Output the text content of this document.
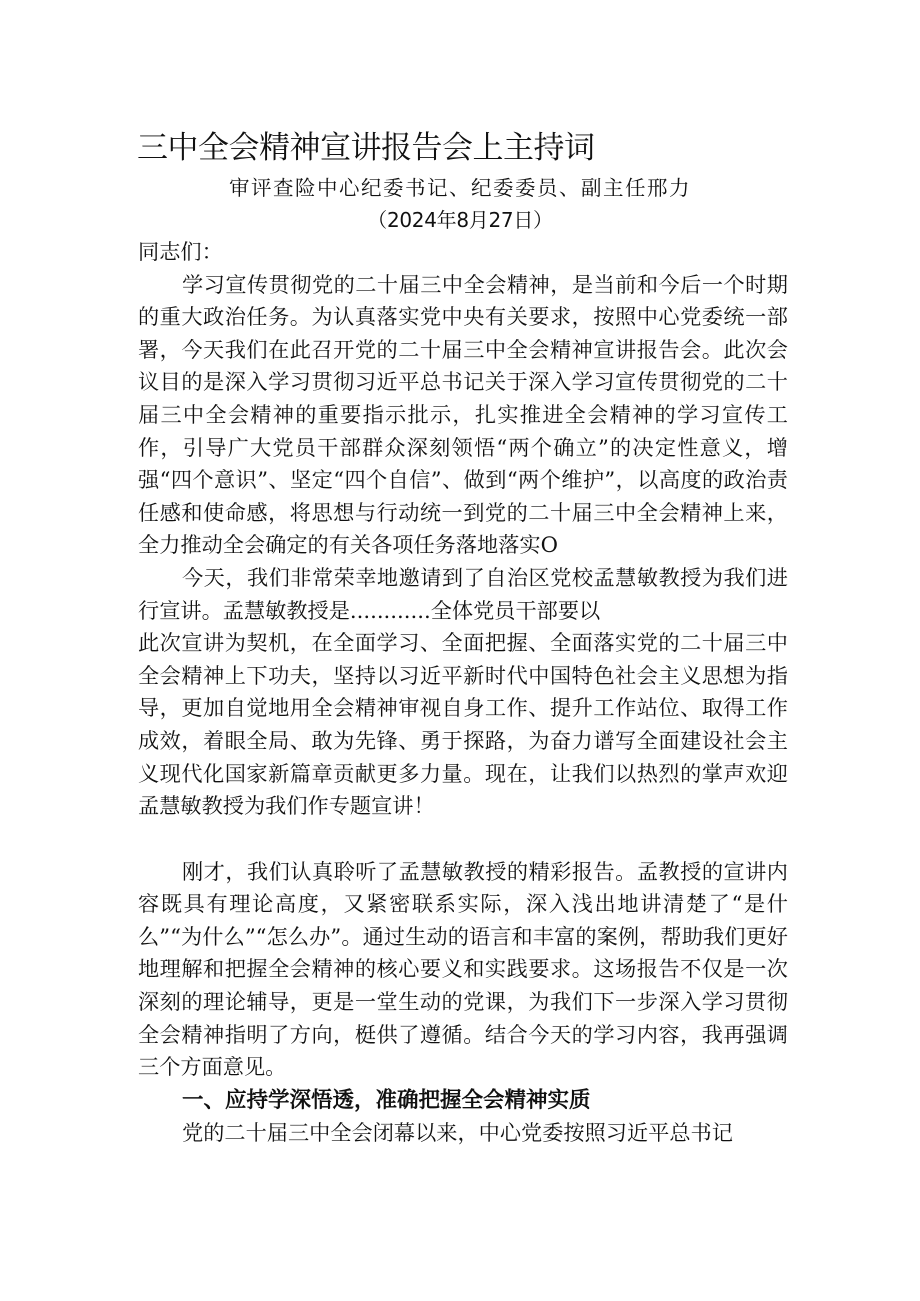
三中全会精神宣讲报告会上主持词
审评查险中心纪委书记、纪委委员、副主任邢力
（2024年8月27日）

同志们：

学习宣传贯彻党的二十届三中全会精神，是当前和今后一个时期的重大政治任务。为认真落实党中央有关要求，按照中心党委统一部署，今天我们在此召开党的二十届三中全会精神宣讲报告会。此次会议目的是深入学习贯彻习近平总书记关于深入学习宣传贯彻党的二十届三中全会精神的重要指示批示，扎实推进全会精神的学习宣传工作，引导广大党员干部群众深刻领悟“两个确立”的决定性意义，增强“四个意识”、坚定“四个自信”、做到“两个维护”，以高度的政治责任感和使命感，将思想与行动统一到党的二十届三中全会精神上来，全力推动全会确定的有关各项任务落地落实O

今天，我们非常荣幸地邀请到了自治区党校孟慧敏教授为我们进行宣讲。孟慧敏教授是............全体党员干部要以

此次宣讲为契机，在全面学习、全面把握、全面落实党的二十届三中全会精神上下功夫，坚持以习近平新时代中国特色社会主义思想为指导，更加自觉地用全会精神审视自身工作、提升工作站位、取得工作成效，着眼全局、敢为先锋、勇于探路，为奋力谱写全面建设社会主义现代化国家新篇章贡献更多力量。现在，让我们以热烈的掌声欢迎孟慧敏教授为我们作专题宣讲！

刚才，我们认真聆听了孟慧敏教授的精彩报告。孟教授的宣讲内容既具有理论高度，又紧密联系实际，深入浅出地讲清楚了“是什么”“为什么”“怎么办”。通过生动的语言和丰富的案例，帮助我们更好地理解和把握全会精神的核心要义和实践要求。这场报告不仅是一次深刻的理论辅导，更是一堂生动的党课，为我们下一步深入学习贯彻全会精神指明了方向，梃供了遵循。结合今天的学习内容，我再强调三个方面意见。

一、应持学深悟透，准确把握全会精神实质

党的二十届三中全会闭幕以来，中心党委按照习近平总书记
